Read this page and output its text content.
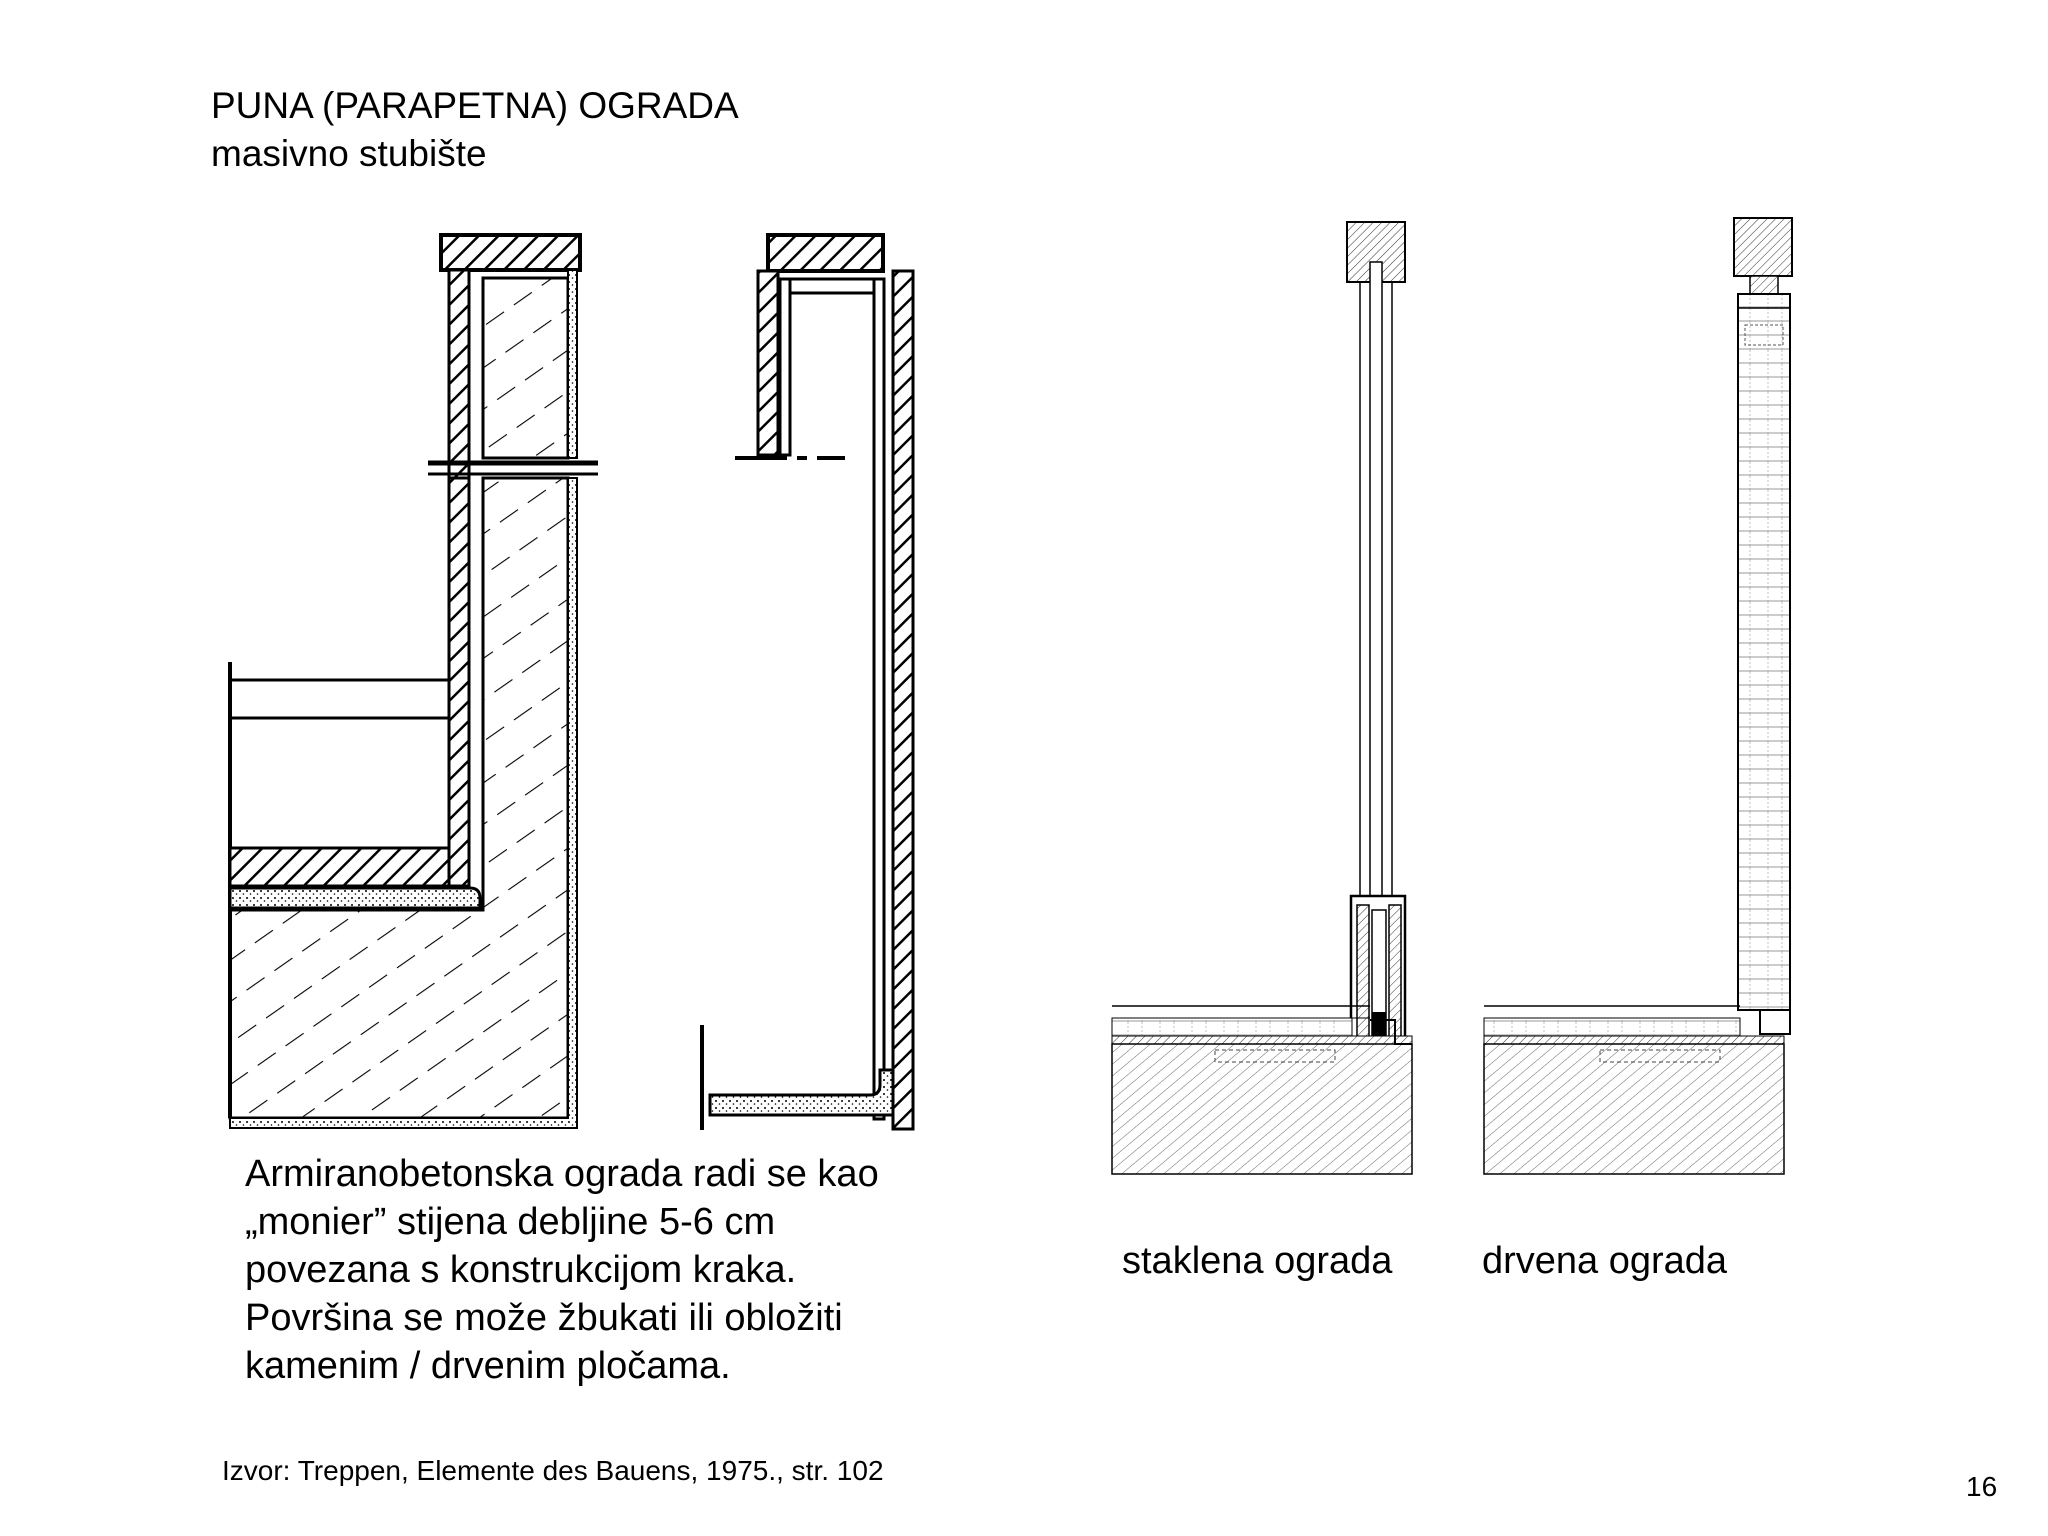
PUNA (PARAPETNA) OGRADA
masivno stubište
Armiranobetonska ograda radi se kao
„monier” stijena debljine 5-6 cm
povezana s konstrukcijom kraka.
Površina se može žbukati ili obložiti
kamenim / drvenim pločama.
staklena ograda drvena ograda
Izvor: Treppen, Elemente des Bauens, 1975., str. 102
16
